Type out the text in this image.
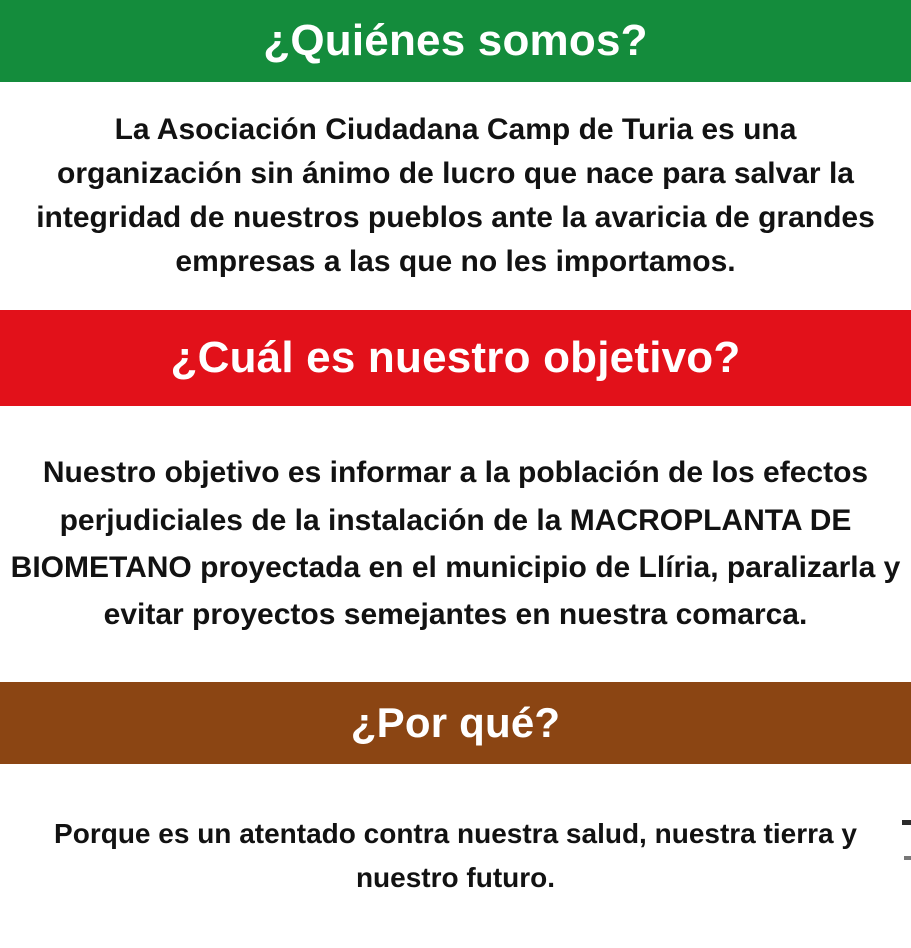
¿Quiénes somos?

La Asociación Ciudadana Camp de Turia es una organización sin ánimo de lucro que nace para salvar la integridad de nuestros pueblos ante la avaricia de grandes empresas a las que no les importamos.

¿Cuál es nuestro objetivo?

Nuestro objetivo es informar a la población de los efectos perjudiciales de la instalación de la MACROPLANTA DE BIOMETANO proyectada en el municipio de Llíria, paralizarla y evitar proyectos semejantes en nuestra comarca.

¿Por qué?

Porque es un atentado contra nuestra salud, nuestra tierra y nuestro futuro.
